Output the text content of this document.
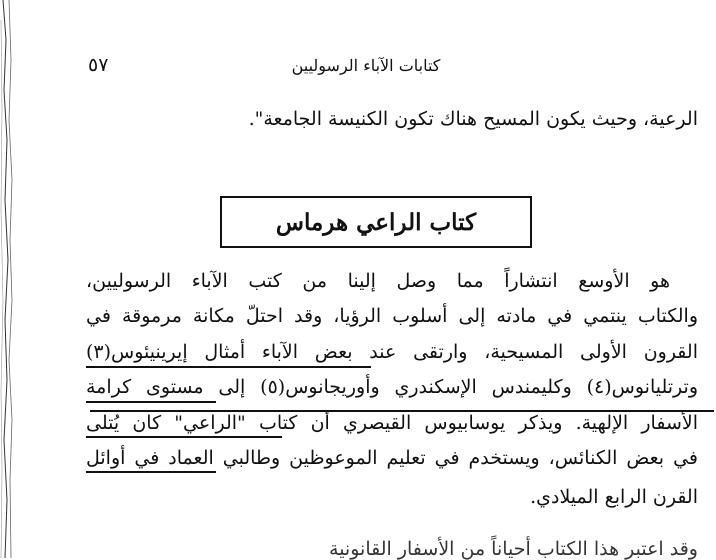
٥٧	كتابات الآباء الرسوليين
الرعية، وحيث يكون المسيح هناك تكون الكنيسة الجامعة".
كتاب الراعي هرماس
هو الأوسع انتشاراً مما وصل إلينا من كتب الآباء الرسوليين،
والكتاب ينتمي في مادته إلى أسلوب الرؤيا، وقد احتلّ مكانة مرموقة في
القرون الأولى المسيحية، وارتقى عند بعض الآباء أمثال إيرينيئوس(٣)
وترتليانوس(٤) وكليمندس الإسكندري وأوريجانوس(٥) إلى مستوى كرامة
الأسفار الإلهية. ويذكر يوسابيوس القيصري أن كتاب "الراعي" كان يُتلى
في بعض الكنائس، ويستخدم في تعليم الموعوظين وطالبي العماد في أوائل
القرن الرابع الميلادي.
وقد اعتبر هذا الكتاب أحياناً من الأسفار القانونية
